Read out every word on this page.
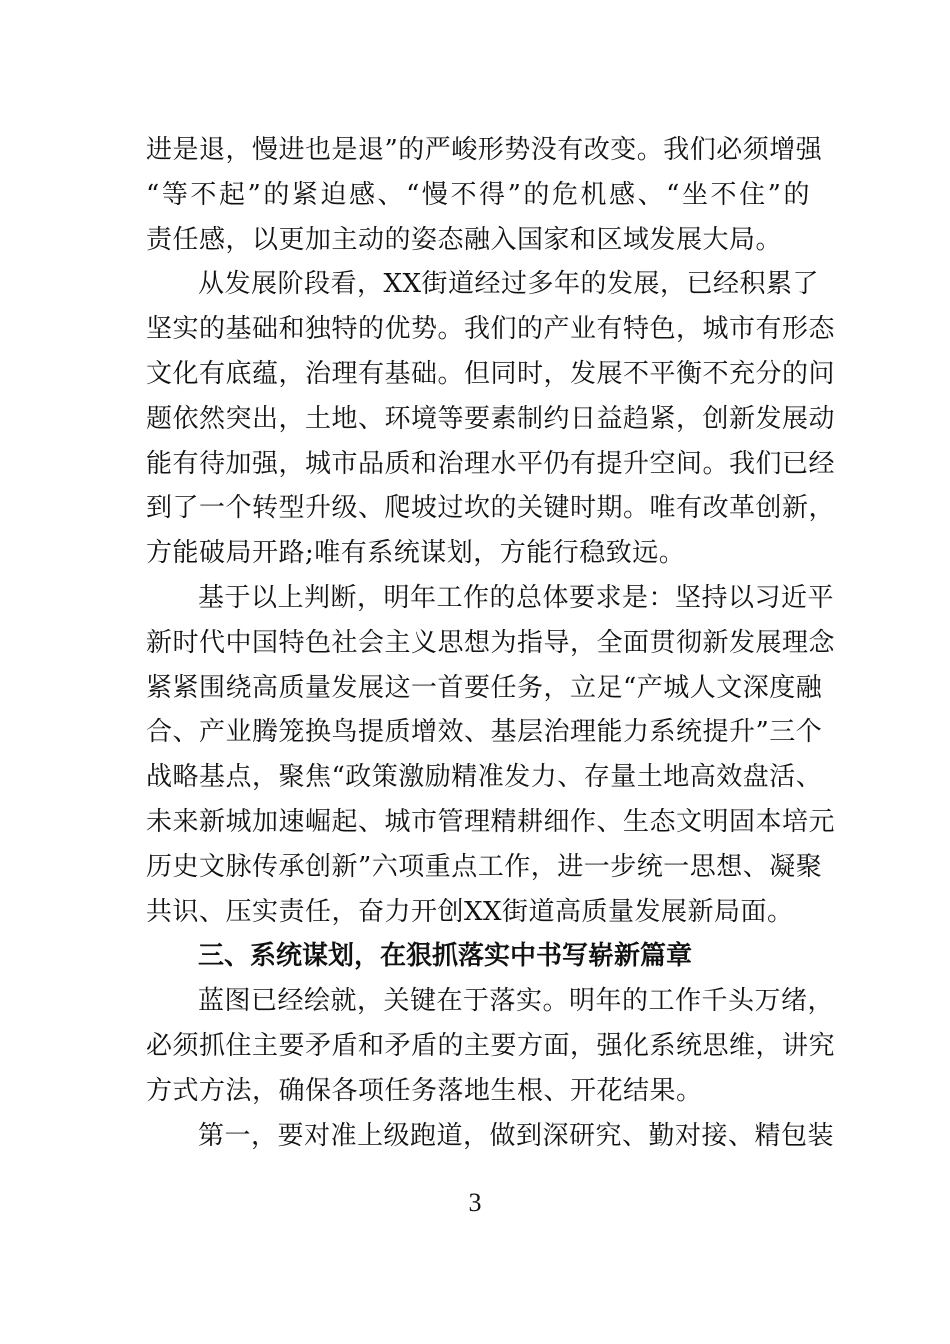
进是退，慢进也是退”的严峻形势没有改变。我们必须增强
“等不起”的紧迫感、“慢不得”的危机感、“坐不住”的
责任感，以更加主动的姿态融入国家和区域发展大局。
从发展阶段看，XX街道经过多年的发展，已经积累了
坚实的基础和独特的优势。我们的产业有特色，城市有形态
文化有底蕴，治理有基础。但同时，发展不平衡不充分的问
题依然突出，土地、环境等要素制约日益趋紧，创新发展动
能有待加强，城市品质和治理水平仍有提升空间。我们已经
到了一个转型升级、爬坡过坎的关键时期。唯有改革创新，
方能破局开路;唯有系统谋划，方能行稳致远。
基于以上判断，明年工作的总体要求是：坚持以习近平
新时代中国特色社会主义思想为指导，全面贯彻新发展理念
紧紧围绕高质量发展这一首要任务，立足“产城人文深度融
合、产业腾笼换鸟提质增效、基层治理能力系统提升”三个
战略基点，聚焦“政策激励精准发力、存量土地高效盘活、
未来新城加速崛起、城市管理精耕细作、生态文明固本培元
历史文脉传承创新”六项重点工作，进一步统一思想、凝聚
共识、压实责任，奋力开创XX街道高质量发展新局面。
三、系统谋划，在狠抓落实中书写崭新篇章
蓝图已经绘就，关键在于落实。明年的工作千头万绪，
必须抓住主要矛盾和矛盾的主要方面，强化系统思维，讲究
方式方法，确保各项任务落地生根、开花结果。
第一，要对准上级跑道，做到深研究、勤对接、精包装
3
